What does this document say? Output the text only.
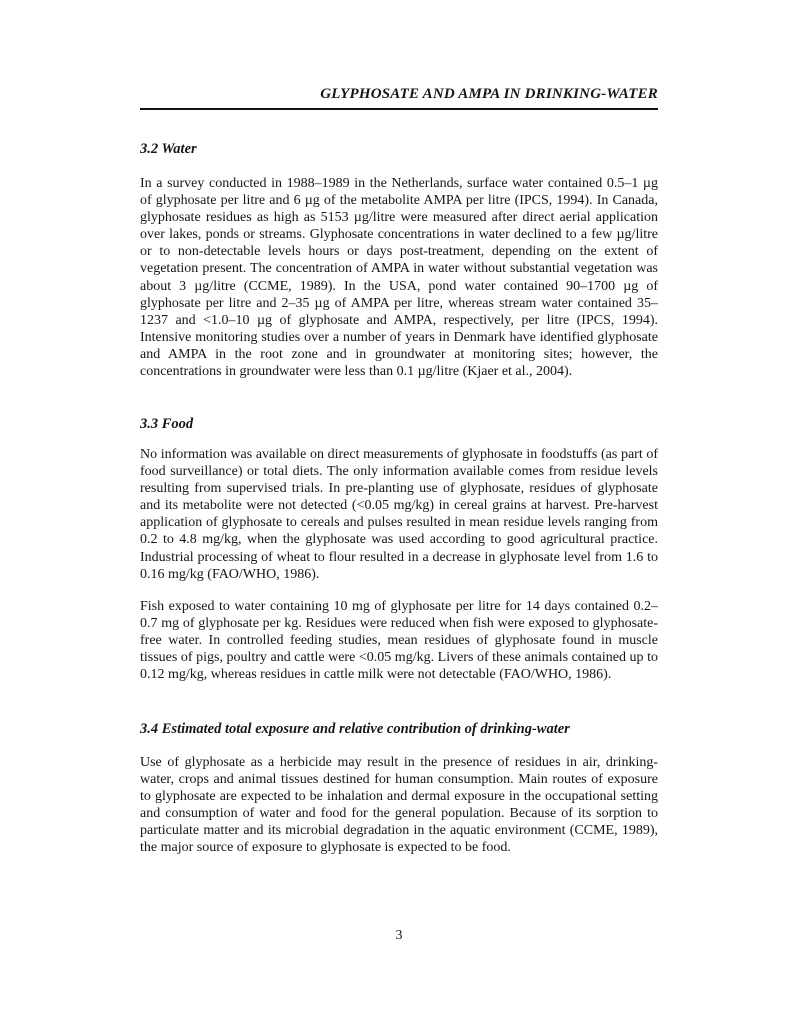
GLYPHOSATE AND AMPA IN DRINKING-WATER
3.2 Water

In a survey conducted in 1988–1989 in the Netherlands, surface water contained 0.5–1 µg of glyphosate per litre and 6 µg of the metabolite AMPA per litre (IPCS, 1994). In Canada, glyphosate residues as high as 5153 µg/litre were measured after direct aerial application over lakes, ponds or streams. Glyphosate concentrations in water declined to a few µg/litre or to non-detectable levels hours or days post-treatment, depending on the extent of vegetation present. The concentration of AMPA in water without substantial vegetation was about 3 µg/litre (CCME, 1989). In the USA, pond water contained 90–1700 µg of glyphosate per litre and 2–35 µg of AMPA per litre, whereas stream water contained 35–1237 and <1.0–10 µg of glyphosate and AMPA, respectively, per litre (IPCS, 1994). Intensive monitoring studies over a number of years in Denmark have identified glyphosate and AMPA in the root zone and in groundwater at monitoring sites; however, the concentrations in groundwater were less than 0.1 µg/litre (Kjaer et al., 2004).

3.3 Food

No information was available on direct measurements of glyphosate in foodstuffs (as part of food surveillance) or total diets. The only information available comes from residue levels resulting from supervised trials. In pre-planting use of glyphosate, residues of glyphosate and its metabolite were not detected (<0.05 mg/kg) in cereal grains at harvest. Pre-harvest application of glyphosate to cereals and pulses resulted in mean residue levels ranging from 0.2 to 4.8 mg/kg, when the glyphosate was used according to good agricultural practice. Industrial processing of wheat to flour resulted in a decrease in glyphosate level from 1.6 to 0.16 mg/kg (FAO/WHO, 1986).

Fish exposed to water containing 10 mg of glyphosate per litre for 14 days contained 0.2–0.7 mg of glyphosate per kg. Residues were reduced when fish were exposed to glyphosate-free water. In controlled feeding studies, mean residues of glyphosate found in muscle tissues of pigs, poultry and cattle were <0.05 mg/kg. Livers of these animals contained up to 0.12 mg/kg, whereas residues in cattle milk were not detectable (FAO/WHO, 1986).

3.4 Estimated total exposure and relative contribution of drinking-water

Use of glyphosate as a herbicide may result in the presence of residues in air, drinking-water, crops and animal tissues destined for human consumption. Main routes of exposure to glyphosate are expected to be inhalation and dermal exposure in the occupational setting and consumption of water and food for the general population. Because of its sorption to particulate matter and its microbial degradation in the aquatic environment (CCME, 1989), the major source of exposure to glyphosate is expected to be food.

3
